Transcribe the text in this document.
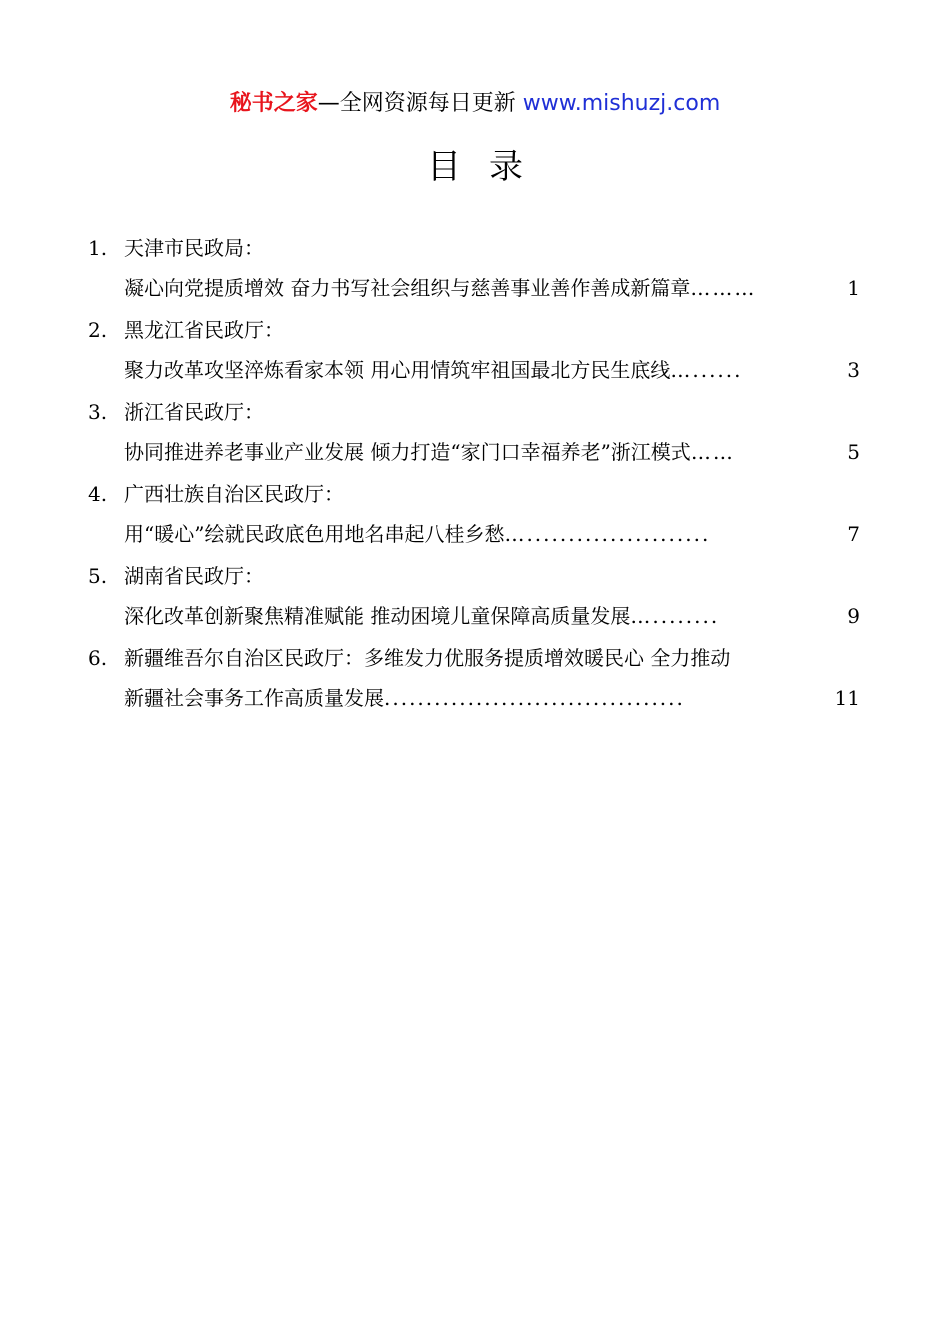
秘书之家—全网资源每日更新 www.mishuzj.com
目录
1. 天津市民政局：
凝心向党提质增效 奋力书写社会组织与慈善事业善作善成新篇章 ………	1
2. 黑龙江省民政厅：
聚力改革攻坚淬炼看家本领 用心用情筑牢祖国最北方民生底线 …......	3
3. 浙江省民政厅：
协同推进养老事业产业发展 倾力打造“家门口幸福养老”浙江模式 ……	5
4. 广西壮族自治区民政厅：
用“暖心”绘就民政底色用地名串起八桂乡愁 …......................	7
5. 湖南省民政厅：
深化改革创新聚焦精准赋能 推动困境儿童保障高质量发展 …........	9
6. 新疆维吾尔自治区民政厅：多维发力优服务提质增效暖民心 全力推动
新疆社会事务工作高质量发展 ....................................	11
